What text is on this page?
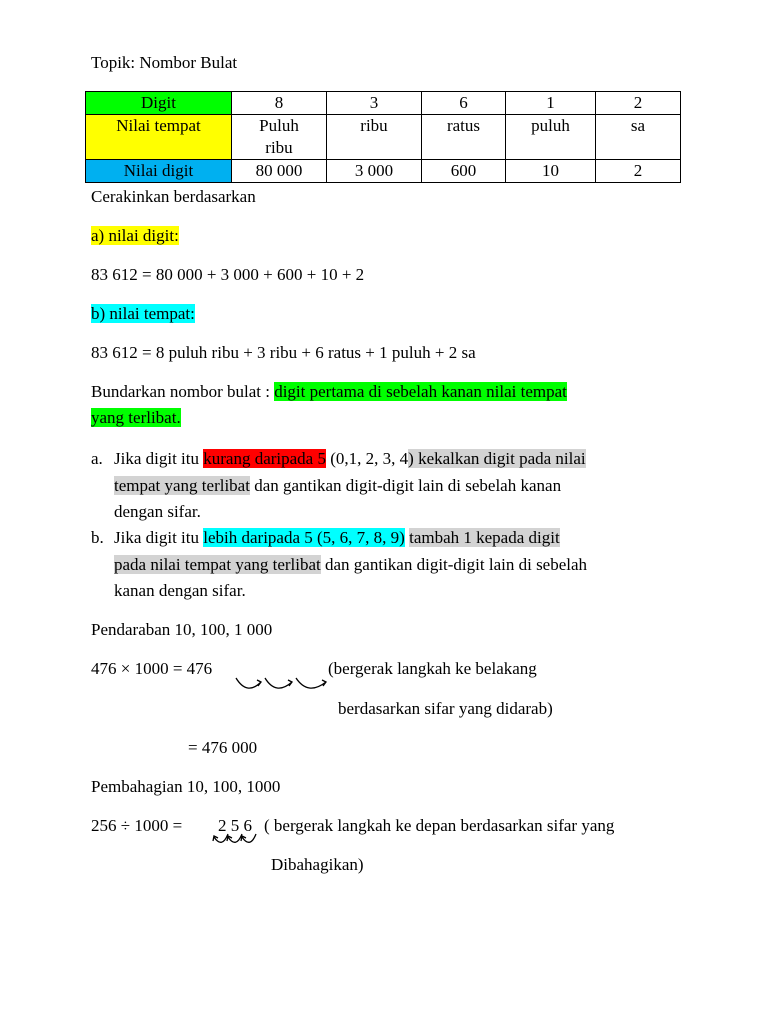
Topik: Nombor Bulat
Digit	8	3	6	1	2
Nilai tempat	Puluh ribu	ribu	ratus	puluh	sa
Nilai digit	80 000	3 000	600	10	2
Cerakinkan berdasarkan
a) nilai digit:
83 612 = 80 000 + 3 000 + 600 + 10 + 2
b) nilai tempat:
83 612 = 8 puluh ribu + 3 ribu + 6 ratus + 1 puluh + 2 sa
Bundarkan nombor bulat : digit pertama di sebelah kanan nilai tempat
yang terlibat.
a. Jika digit itu kurang daripada 5 (0,1, 2, 3, 4) kekalkan digit pada nilai
tempat yang terlibat dan gantikan digit-digit lain di sebelah kanan
dengan sifar.
b. Jika digit itu lebih daripada 5 (5, 6, 7, 8, 9) tambah 1 kepada digit
pada nilai tempat yang terlibat dan gantikan digit-digit lain di sebelah
kanan dengan sifar.
Pendaraban 10, 100, 1 000
476 × 1000 = 476	(bergerak langkah ke belakang
berdasarkan sifar yang didarab)
= 476 000
Pembahagian 10, 100, 1000
256 ÷ 1000 = 2 5 6 ( bergerak langkah ke depan berdasarkan sifar yang
Dibahagikan)
